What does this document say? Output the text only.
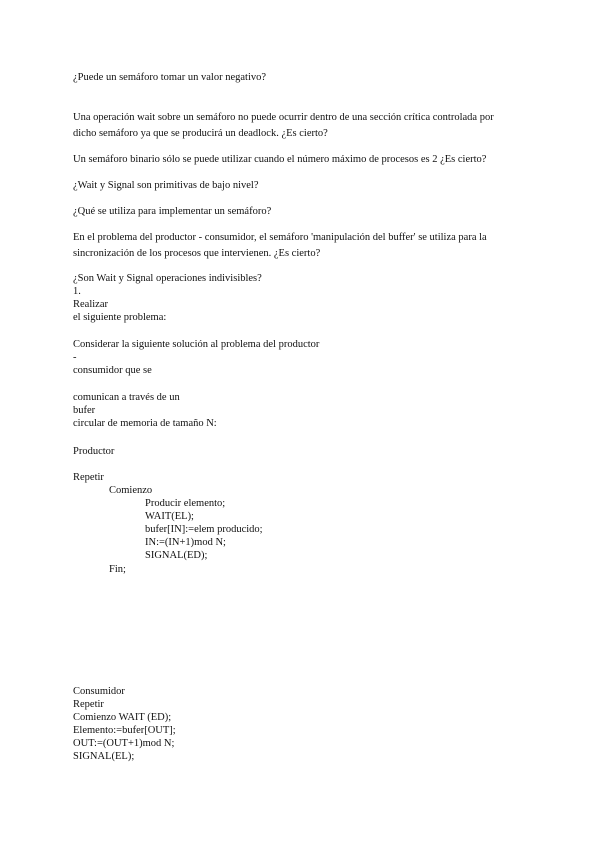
¿Puede un semáforo tomar un valor negativo?
Una operación wait sobre un semáforo no puede ocurrir dentro de una sección crítica controlada por dicho semáforo ya que se producirá un deadlock. ¿Es cierto?
Un semáforo binario sólo se puede utilizar cuando el número máximo de procesos es 2 ¿Es cierto?
¿Wait y Signal son primitivas de bajo nivel?
¿Qué se utiliza para implementar un semáforo?
En el problema del productor - consumidor, el semáforo 'manipulación del buffer' se utiliza para la sincronización de los procesos que intervienen. ¿Es cierto?
¿Son Wait y Signal operaciones indivisibles?
1.
Realizar
el siguiente problema:
Considerar la siguiente solución al problema del productor
-
consumidor que se
comunican a través de un
bufer
circular de memoria de tamaño N:
Productor
Repetir
Comienzo
Producir elemento;
WAIT(EL);
bufer[IN]:=elem producido;
IN:=(IN+1)mod N;
SIGNAL(ED);
Fin;
Consumidor
Repetir
Comienzo WAIT (ED);
Elemento:=bufer[OUT];
OUT:=(OUT+1)mod N;
SIGNAL(EL);
